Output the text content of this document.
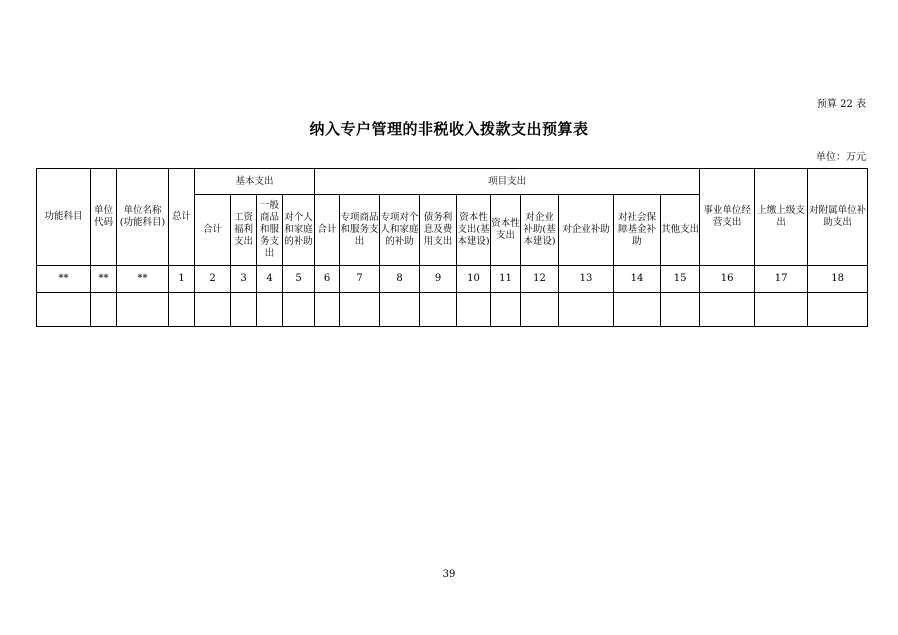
预算 22 表
纳入专户管理的非税收入拨款支出预算表
单位：万元
功能科目	单位代码	单位名称(功能科目)	总计	基本支出				项目支出										事业单位经营支出	上缴上级支出	对附属单位补助支出
				合计	工资福利支出	一般商品和服务支出	对个人和家庭的补助	合计	专项商品和服务支出	专项对个人和家庭的补助	债务利息及费用支出	资本性支出(基本建设)	资本性支出	对企业补助(基本建设)	对企业补助	对社会保障基金补助	其他支出			
**	**	**	1	2	3	4	5	6	7	8	9	10	11	12	13	14	15	16	17	18

39
